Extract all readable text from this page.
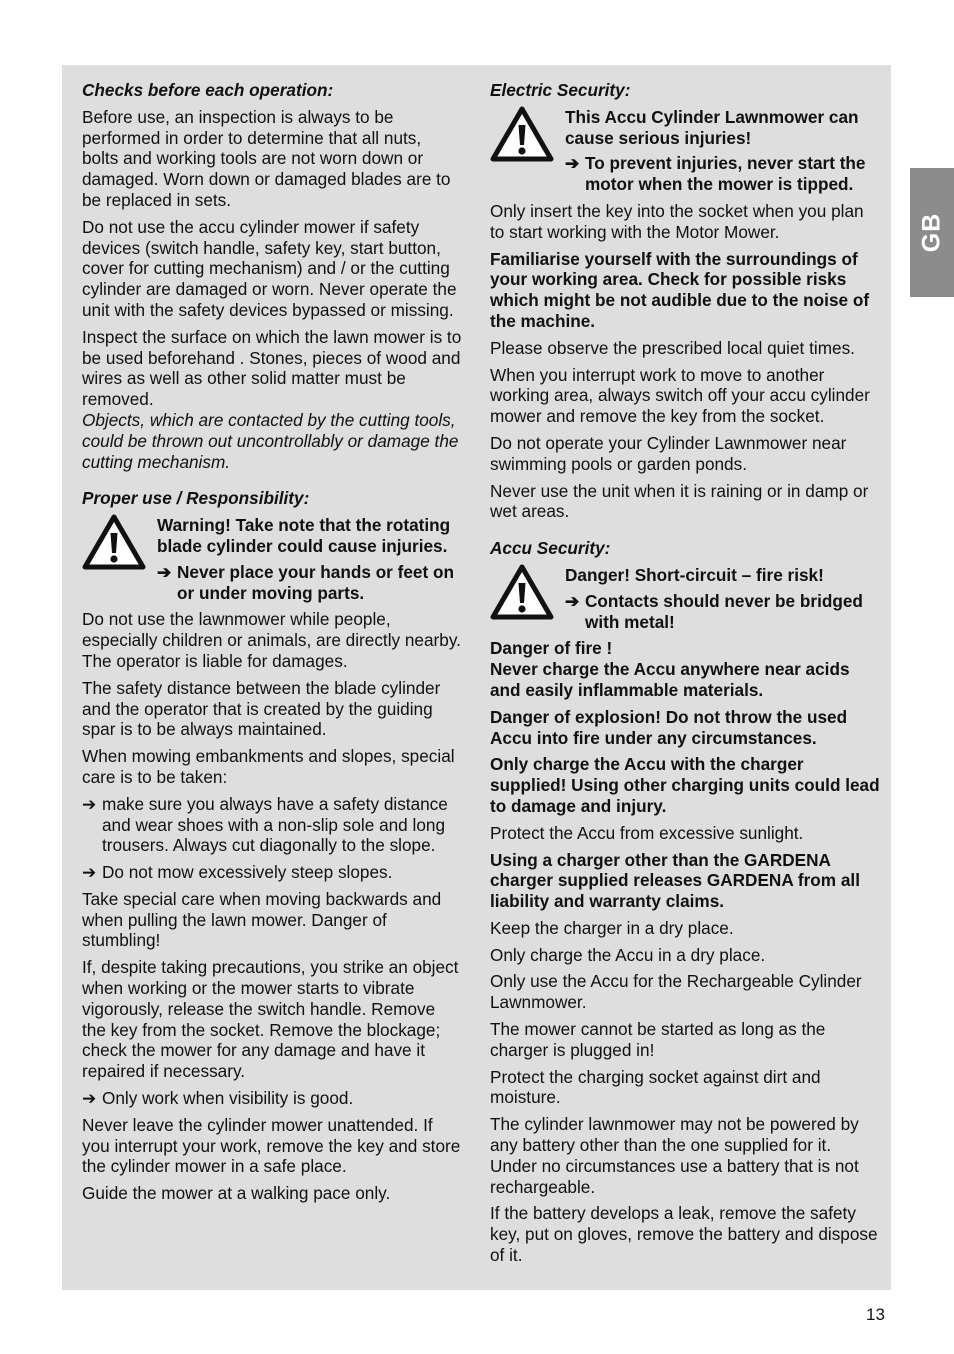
GB
Checks before each operation:

Before use, an inspection is always to be performed in order to determine that all nuts, bolts and working tools are not worn down or damaged. Worn down or damaged blades are to be replaced in sets.

Do not use the accu cylinder mower if safety devices (switch handle, safety key, start button, cover for cutting mechanism) and / or the cutting cylinder are damaged or worn. Never operate the unit with the safety devices bypassed or missing.

Inspect the surface on which the lawn mower is to be used beforehand . Stones, pieces of wood and wires as well as other solid matter must be removed.

Objects, which are contacted by the cutting tools, could be thrown out uncontrollably or damage the cutting mechanism.

Proper use / Responsibility:

Warning! Take note that the rotating blade cylinder could cause injuries.

➔ Never place your hands or feet on or under moving parts.

Do not use the lawnmower while people, especially children or animals, are directly nearby. The operator is liable for damages.

The safety distance between the blade cylinder and the operator that is created by the guiding spar is to be always maintained.

When mowing embankments and slopes, special care is to be taken:

➔ make sure you always have a safety distance and wear shoes with a non-slip sole and long trousers. Always cut diagonally to the slope.
➔ Do not mow excessively steep slopes.

Take special care when moving backwards and when pulling the lawn mower. Danger of stumbling!

If, despite taking precautions, you strike an object when working or the mower starts to vibrate vigorously, release the switch handle. Remove the key from the socket. Remove the blockage; check the mower for any damage and have it repaired if necessary.

➔ Only work when visibility is good.

Never leave the cylinder mower unattended. If you interrupt your work, remove the key and store the cylinder mower in a safe place.

Guide the mower at a walking pace only.

Electric Security:

This Accu Cylinder Lawnmower can cause serious injuries!

➔ To prevent injuries, never start the motor when the mower is tipped.

Only insert the key into the socket when you plan to start working with the Motor Mower.

Familiarise yourself with the surroundings of your working area. Check for possible risks which might be not audible due to the noise of the machine.

Please observe the prescribed local quiet times.

When you interrupt work to move to another working area, always switch off your accu cylinder mower and remove the key from the socket.

Do not operate your Cylinder Lawnmower near swimming pools or garden ponds.

Never use the unit when it is raining or in damp or wet areas.

Accu Security:

Danger! Short-circuit – fire risk!

➔ Contacts should never be bridged with metal!

Danger of fire !

Never charge the Accu anywhere near acids and easily inflammable materials.

Danger of explosion! Do not throw the used Accu into fire under any circumstances.

Only charge the Accu with the charger supplied! Using other charging units could lead to damage and injury.

Protect the Accu from excessive sunlight.

Using a charger other than the GARDENA charger supplied releases GARDENA from all liability and warranty claims.

Keep the charger in a dry place.

Only charge the Accu in a dry place.

Only use the Accu for the Rechargeable Cylinder Lawnmower.

The mower cannot be started as long as the charger is plugged in!

Protect the charging socket against dirt and moisture.

The cylinder lawnmower may not be powered by any battery other than the one supplied for it. Under no circumstances use a battery that is not rechargeable.

If the battery develops a leak, remove the safety key, put on gloves, remove the battery and dispose of it.

13
